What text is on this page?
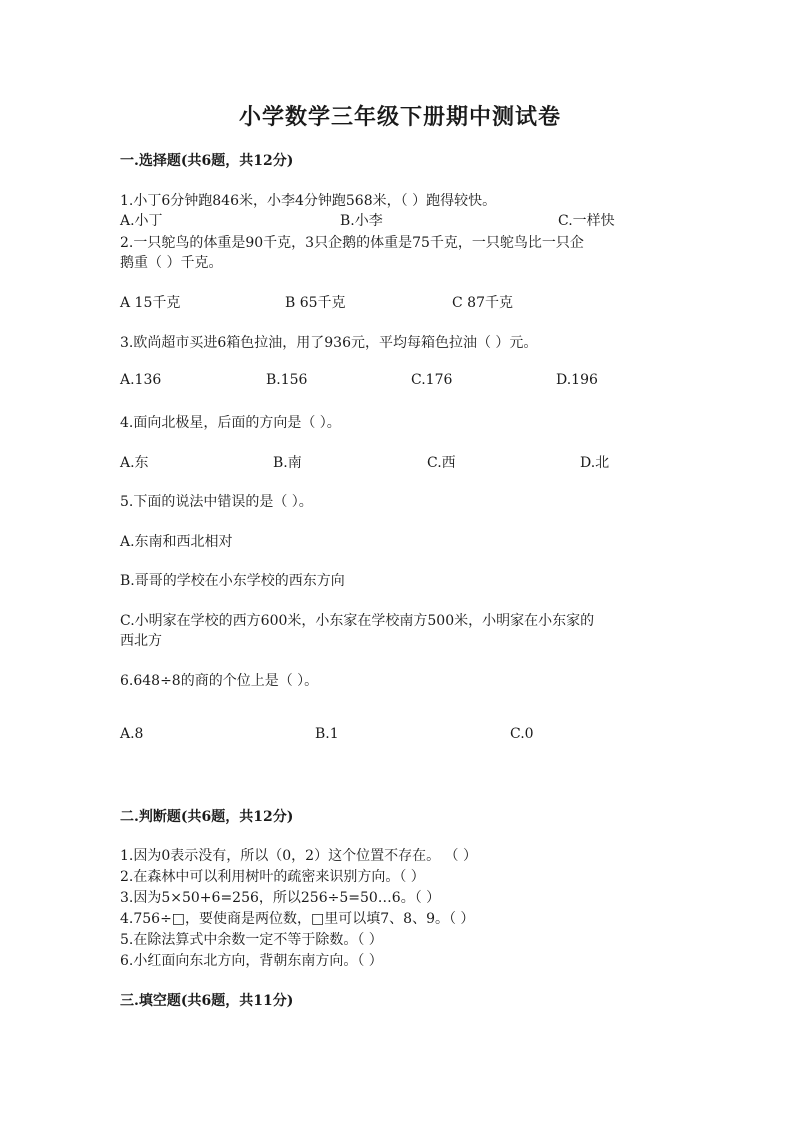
小学数学三年级下册期中测试卷
一.选择题(共6题，共12分)
1.小丁6分钟跑846米，小李4分钟跑568米，（ ）跑得较快。
A.小丁	B.小李	C.一样快
2.一只鸵鸟的体重是90千克，3只企鹅的体重是75千克，一只鸵鸟比一只企
鹅重（ ）千克。
A 15千克	B 65千克	C 87千克
3.欧尚超市买进6箱色拉油，用了936元，平均每箱色拉油（ ）元。
A.136	B.156	C.176	D.196
4.面向北极星，后面的方向是（ ）。
A.东	B.南	C.西	D.北
5.下面的说法中错误的是（ ）。
A.东南和西北相对
B.哥哥的学校在小东学校的西东方向
C.小明家在学校的西方600米，小东家在学校南方500米，小明家在小东家的
西北方
6.648÷8的商的个位上是（ ）。
A.8	B.1	C.0
二.判断题(共6题，共12分)
1.因为0表示没有，所以（0，2）这个位置不存在。 （ ）
2.在森林中可以利用树叶的疏密来识别方向。（ ）
3.因为5×50+6=256，所以256÷5=50…6。（ ）
4.756÷□，要使商是两位数，□里可以填7、8、9。（ ）
5.在除法算式中余数一定不等于除数。（ ）
6.小红面向东北方向，背朝东南方向。（ ）
三.填空题(共6题，共11分)
